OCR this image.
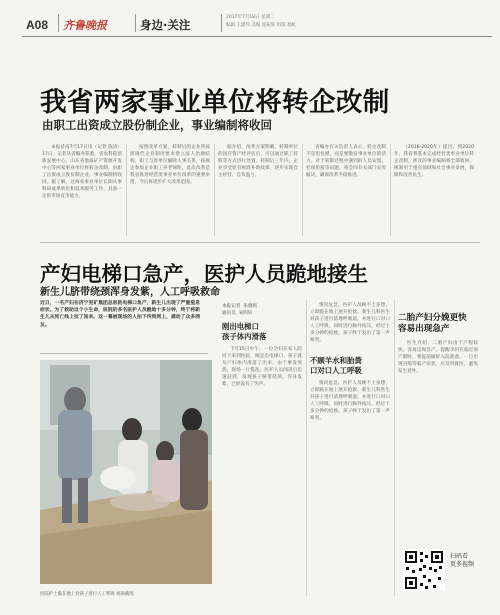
A08 齐鲁晚报	身边·关注
2017年7月18日 星期二
编辑 王建伟 美编 庞振辉 组版 德虹
我省两家事业单位将转企改制
由职工出资成立股份制企业，事业编制将收回

本报济南7月17日讯（记者 陈涛）17日，记者从省编办获悉，省农科院创新发展中心、山东省地质矿产资源开发中心等两家事业单位将转企改制，由职工出资成立股份制企业，事业编制将收回。据了解，这两家事业单位长期从事科研成果转化和技术服务工作，具备一定的市场竞争能力。

按照改革方案，转制后的企业将按照现代企业制度要求建立法人治理结构，职工与原单位解除人事关系，按规定参加企业职工养老保险。此次改革是我省推进经营类事业单位改革的重要举措，今后将逐步扩大改革范围。

据介绍，改革方案明确，转制单位的国有资产经评估后，可以通过职工持股等方式进行处置。转制后三年内，企业享受原有财政补助政策，逐步实现自主经营、自负盈亏。

省编办有关负责人表示，转企改制不是甩包袱，而是要激发事业单位的活力。对于转制过程中遇到的人员安置、社保衔接等问题，将会同有关部门妥善解决，确保改革平稳推进。

（2016-2020年）提出，到2020年，我省将基本完成经营类事业单位转企改制，涉及的事业编制将全部收回，统筹用于重点领域和社会事业发展，保障和改善民生。

产妇电梯口急产，医护人员跪地接生
新生儿脐带绕颈浑身发紫，人工呼吸救命
近日，一名产妇在济宁兖矿集团总医院电梯口急产，新生儿出现了严重窒息症状。为了救助这个小生命，医院的多名医护人员跪地十多分钟，终于将新生儿从死亡线上拉了回来。这一幕被现场的人拍下传到网上，感动了众多网友。
医院护士跪在地上对孩子进行人工呼吸 视频截图
本报记者  朱晓鸣
通讯员  朱明轩
刚出电梯口
孩子体内滑落

7月15日中午，一位孕妇在家人陪同下来到医院，刚走出电梯口，孩子就从产妇体内滑落了出来。由于事发突然，现场一片慌乱。医护人员闻讯后迅速赶到，发现孩子脐带绕颈，浑身发紫，已经没有了哭声。

情况危急，医护人员顾不上多想，立即跪在地上展开抢救。新生儿科医生对孩子进行清理呼吸道，并进行口对口人工呼吸，同时进行胸外按压。经过十多分钟的抢救，孩子终于发出了第一声啼哭。

不顾羊水和胎粪
口对口人工呼吸

情况危急，医护人员顾不上多想，立即跪在地上展开抢救。新生儿科医生对孩子进行清理呼吸道，并进行口对口人工呼吸，同时进行胸外按压。经过十多分钟的抢救，孩子终于发出了第一声啼哭。

二胎产妇分娩更快
容易出现急产

医生介绍，二胎产妇由于产程较快，容易出现急产。提醒孕妇在临近预产期时，要提前做好入院准备，一旦出现宫缩等临产症状，应及时就医，避免发生意外。

扫码看
更多视频
